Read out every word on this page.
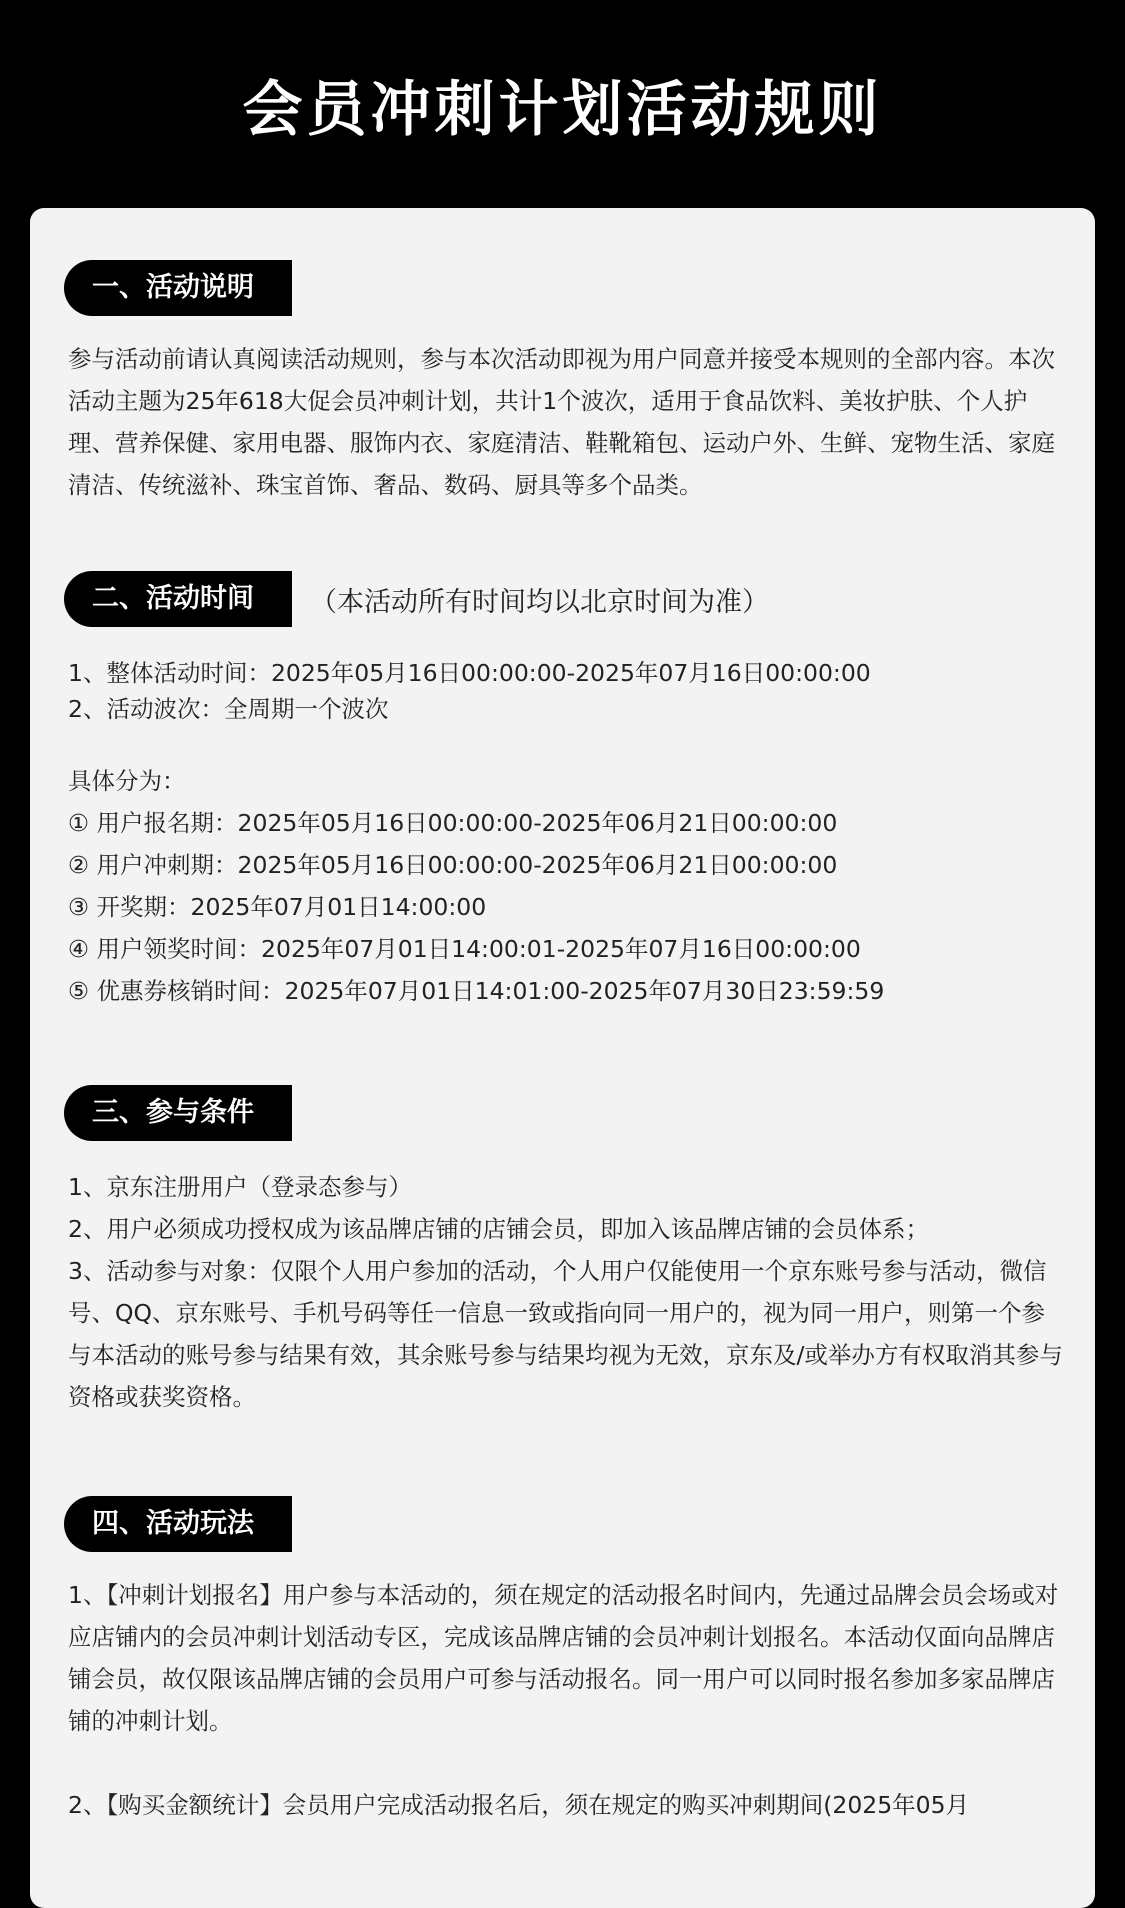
会员冲刺计划活动规则
一、活动说明

参与活动前请认真阅读活动规则，参与本次活动即视为用户同意并接受本规则的全部内容。本次活动主题为25年618大促会员冲刺计划，共计1个波次，适用于食品饮料、美妆护肤、个人护理、营养保健、家用电器、服饰内衣、家庭清洁、鞋靴箱包、运动户外、生鲜、宠物生活、家庭清洁、传统滋补、珠宝首饰、奢品、数码、厨具等多个品类。

二、活动时间	（本活动所有时间均以北京时间为准）
1、整体活动时间：2025年05月16日00:00:00-2025年07月16日00:00:00
2、活动波次：全周期一个波次
具体分为：
① 用户报名期：2025年05月16日00:00:00-2025年06月21日00:00:00
② 用户冲刺期：2025年05月16日00:00:00-2025年06月21日00:00:00
③ 开奖期：2025年07月01日14:00:00
④ 用户领奖时间：2025年07月01日14:00:01-2025年07月16日00:00:00
⑤ 优惠券核销时间：2025年07月01日14:01:00-2025年07月30日23:59:59
三、参与条件
1、京东注册用户（登录态参与）
2、用户必须成功授权成为该品牌店铺的店铺会员，即加入该品牌店铺的会员体系；

3、活动参与对象：仅限个人用户参加的活动，个人用户仅能使用一个京东账号参与活动，微信号、QQ、京东账号、手机号码等任一信息一致或指向同一用户的，视为同一用户，则第一个参与本活动的账号参与结果有效，其余账号参与结果均视为无效，京东及/或举办方有权取消其参与资格或获奖资格。

四、活动玩法

1、【冲刺计划报名】用户参与本活动的，须在规定的活动报名时间内，先通过品牌会员会场或对应店铺内的会员冲刺计划活动专区，完成该品牌店铺的会员冲刺计划报名。本活动仅面向品牌店铺会员，故仅限该品牌店铺的会员用户可参与活动报名。同一用户可以同时报名参加多家品牌店铺的冲刺计划。

2、【购买金额统计】会员用户完成活动报名后，须在规定的购买冲刺期间(2025年05月
